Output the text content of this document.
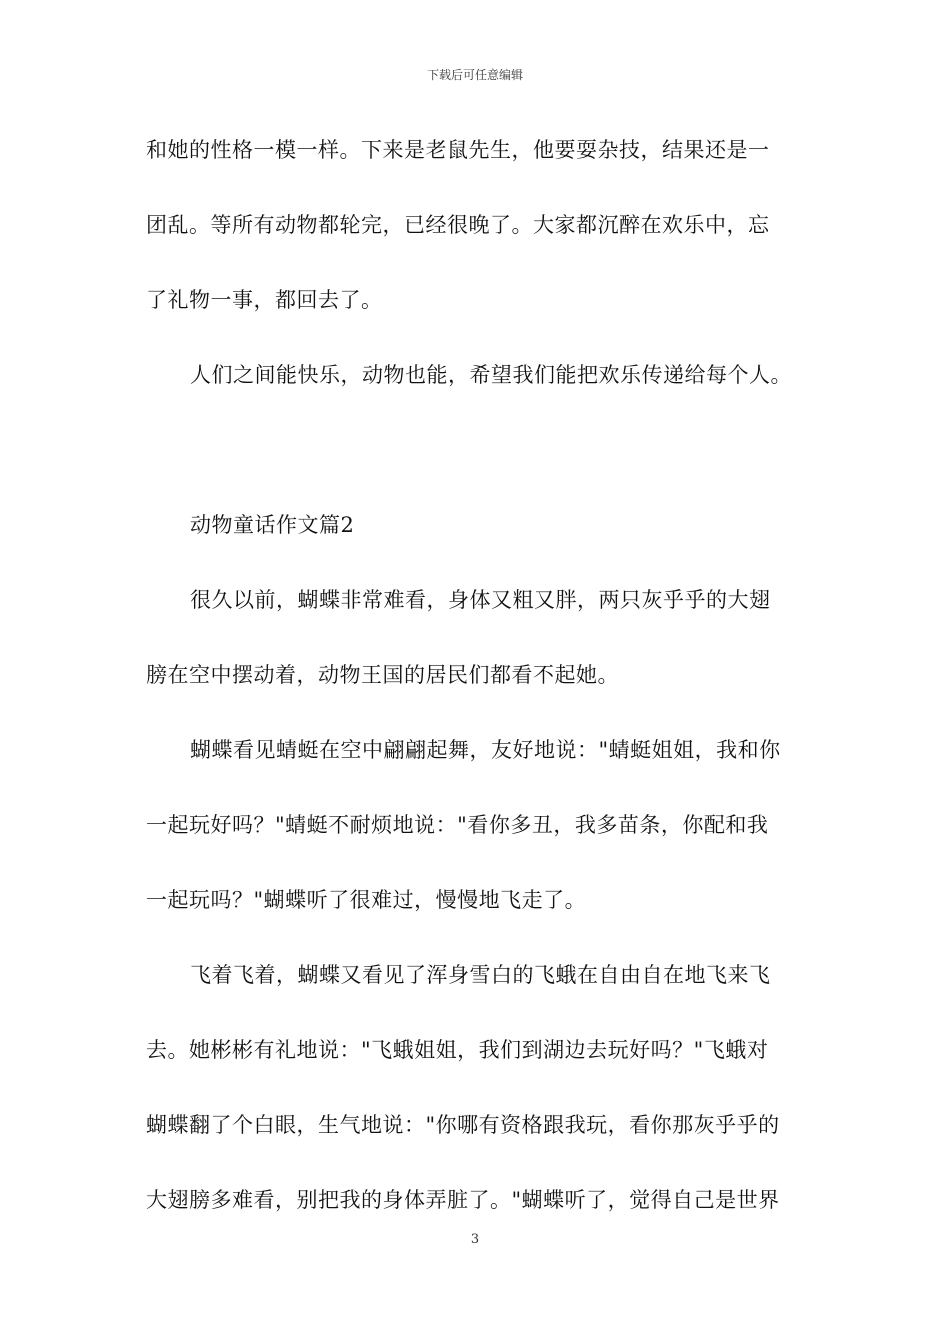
下载后可任意编辑
和她的性格一模一样。下来是老鼠先生，他要耍杂技，结果还是一
团乱。等所有动物都轮完，已经很晚了。大家都沉醉在欢乐中，忘
了礼物一事，都回去了。
人们之间能快乐，动物也能，希望我们能把欢乐传递给每个人。
动物童话作文篇2
很久以前，蝴蝶非常难看，身体又粗又胖，两只灰乎乎的大翅
膀在空中摆动着，动物王国的居民们都看不起她。
蝴蝶看见蜻蜓在空中翩翩起舞，友好地说："蜻蜓姐姐，我和你
一起玩好吗？"蜻蜓不耐烦地说："看你多丑，我多苗条，你配和我
一起玩吗？"蝴蝶听了很难过，慢慢地飞走了。
飞着飞着，蝴蝶又看见了浑身雪白的飞蛾在自由自在地飞来飞
去。她彬彬有礼地说："飞蛾姐姐，我们到湖边去玩好吗？"飞蛾对
蝴蝶翻了个白眼，生气地说："你哪有资格跟我玩，看你那灰乎乎的
大翅膀多难看，别把我的身体弄脏了。"蝴蝶听了，觉得自己是世界
3
